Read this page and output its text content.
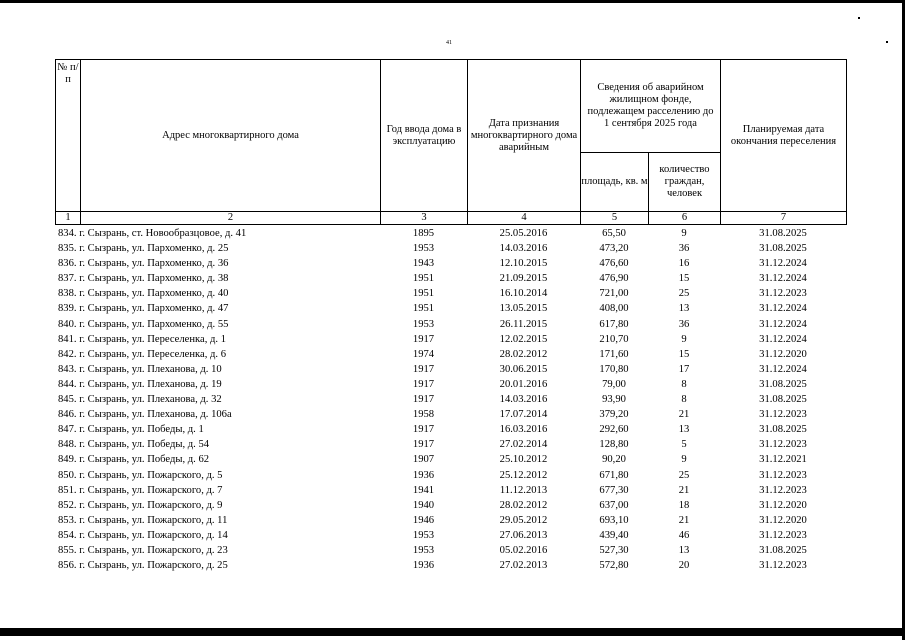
41
№ п/п	Адрес многоквартирного дома	Год ввода дома в эксплуатацию	Дата признания многоквартирного дома аварийным	Сведения об аварийном жилищном фонде, подлежащем расселению до 1 сентября 2025 года		Планируемая дата окончания переселения
				площадь, кв. м	количество граждан, человек	
1	2	3	4	5	6	7
834. г. Сызрань, ст. Новообразцовое, д. 41	1895	25.05.2016	65,50	9	31.08.2025
835. г. Сызрань, ул. Пархоменко, д. 25	1953	14.03.2016	473,20	36	31.08.2025
836. г. Сызрань, ул. Пархоменко, д. 36	1943	12.10.2015	476,60	16	31.12.2024
837. г. Сызрань, ул. Пархоменко, д. 38	1951	21.09.2015	476,90	15	31.12.2024
838. г. Сызрань, ул. Пархоменко, д. 40	1951	16.10.2014	721,00	25	31.12.2023
839. г. Сызрань, ул. Пархоменко, д. 47	1951	13.05.2015	408,00	13	31.12.2024
840. г. Сызрань, ул. Пархоменко, д. 55	1953	26.11.2015	617,80	36	31.12.2024
841. г. Сызрань, ул. Переселенка, д. 1	1917	12.02.2015	210,70	9	31.12.2024
842. г. Сызрань, ул. Переселенка, д. 6	1974	28.02.2012	171,60	15	31.12.2020
843. г. Сызрань, ул. Плеханова, д. 10	1917	30.06.2015	170,80	17	31.12.2024
844. г. Сызрань, ул. Плеханова, д. 19	1917	20.01.2016	79,00	8	31.08.2025
845. г. Сызрань, ул. Плеханова, д. 32	1917	14.03.2016	93,90	8	31.08.2025
846. г. Сызрань, ул. Плеханова, д. 106а	1958	17.07.2014	379,20	21	31.12.2023
847. г. Сызрань, ул. Победы, д. 1	1917	16.03.2016	292,60	13	31.08.2025
848. г. Сызрань, ул. Победы, д. 54	1917	27.02.2014	128,80	5	31.12.2023
849. г. Сызрань, ул. Победы, д. 62	1907	25.10.2012	90,20	9	31.12.2021
850. г. Сызрань, ул. Пожарского, д. 5	1936	25.12.2012	671,80	25	31.12.2023
851. г. Сызрань, ул. Пожарского, д. 7	1941	11.12.2013	677,30	21	31.12.2023
852. г. Сызрань, ул. Пожарского, д. 9	1940	28.02.2012	637,00	18	31.12.2020
853. г. Сызрань, ул. Пожарского, д. 11	1946	29.05.2012	693,10	21	31.12.2020
854. г. Сызрань, ул. Пожарского, д. 14	1953	27.06.2013	439,40	46	31.12.2023
855. г. Сызрань, ул. Пожарского, д. 23	1953	05.02.2016	527,30	13	31.08.2025
856. г. Сызрань, ул. Пожарского, д. 25	1936	27.02.2013	572,80	20	31.12.2023
